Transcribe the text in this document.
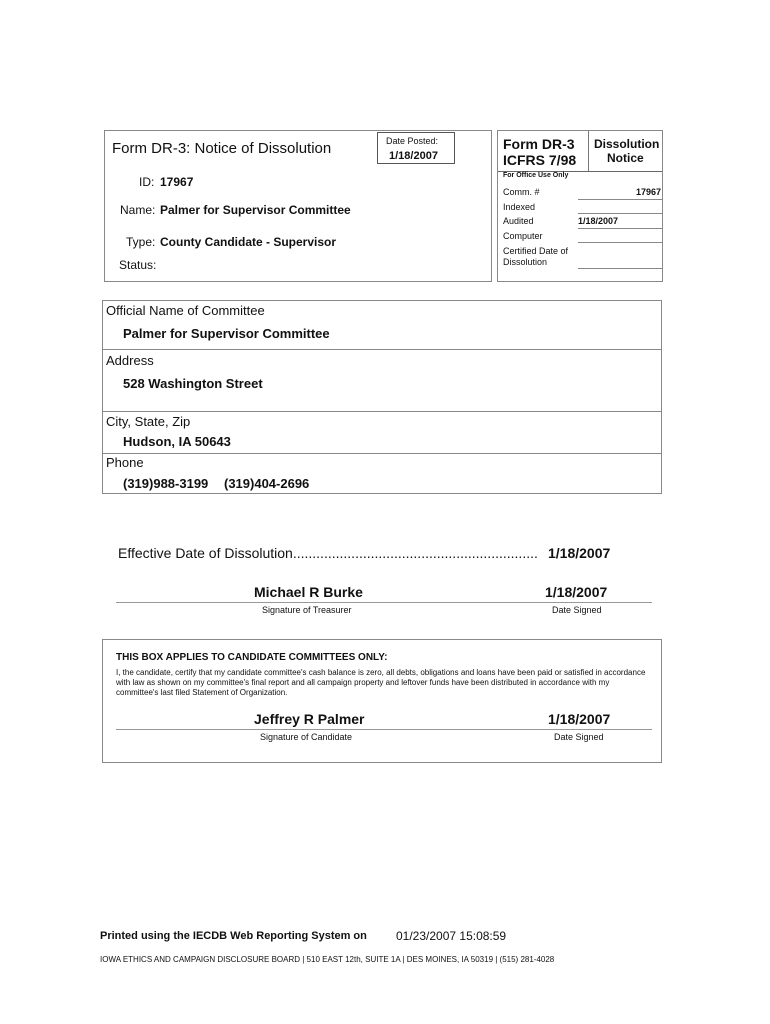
Form DR-3: Notice of Dissolution	Date Posted:
1/18/2007
ID: 17967
Name: Palmer for Supervisor Committee
Type: County Candidate - Supervisor
Status:
Form DR-3
ICFRS 7/98
Dissolution
Notice
For Office Use Only
Comm. #	17967
Indexed
Audited	1/18/2007
Computer
Certified Date of
Dissolution
Official Name of Committee
Palmer for Supervisor Committee
Address
528 Washington Street
City, State, Zip
Hudson, IA 50643
Phone
(319)988-3199 (319)404-2696
Effective Date of Dissolution............................................................... 1/18/2007
Michael R Burke	1/18/2007
Signature of Treasurer	Date Signed
THIS BOX APPLIES TO CANDIDATE COMMITTEES ONLY:
I, the candidate, certify that my candidate committee's cash balance is zero, all debts, obligations and loans have been paid or satisfied in accordance with law as shown on my committee's final report and all campaign property and leftover funds have been distributed in accordance with my committee's last filed Statement of Organization.
Jeffrey R Palmer	1/18/2007
Signature of Candidate	Date Signed
Printed using the IECDB Web Reporting System on 01/23/2007 15:08:59
IOWA ETHICS AND CAMPAIGN DISCLOSURE BOARD | 510 EAST 12th, SUITE 1A | DES MOINES, IA 50319 | (515) 281-4028
